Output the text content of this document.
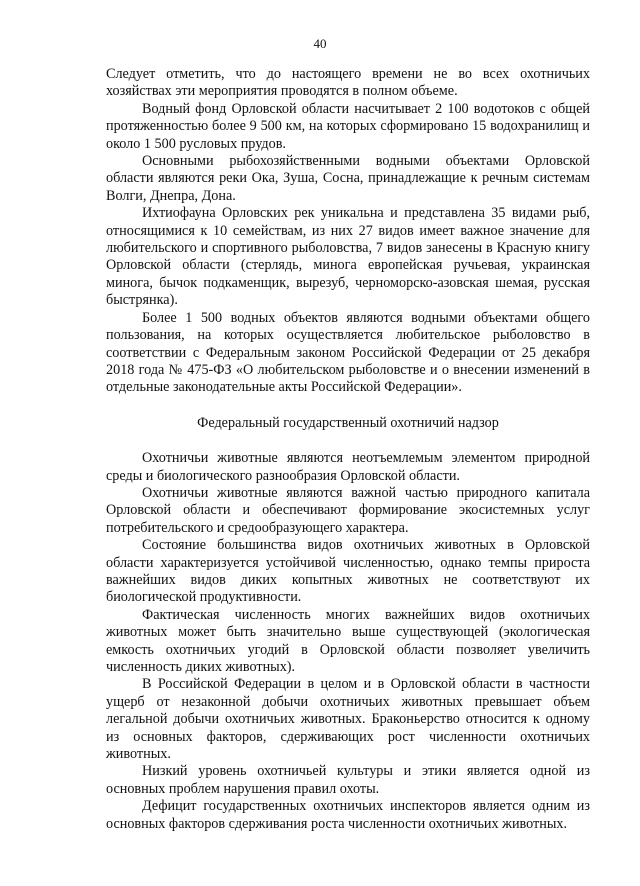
40

Следует отметить, что до настоящего времени не во всех охотничьих хозяйствах эти мероприятия проводятся в полном объеме.

Водный фонд Орловской области насчитывает 2 100 водотоков с общей протяженностью более 9 500 км, на которых сформировано 15 водохранилищ и около 1 500 русловых прудов.

Основными рыбохозяйственными водными объектами Орловской области являются реки Ока, Зуша, Сосна, принадлежащие к речным системам Волги, Днепра, Дона.

Ихтиофауна Орловских рек уникальна и представлена 35 видами рыб, относящимися к 10 семействам, из них 27 видов имеет важное значение для любительского и спортивного рыболовства, 7 видов занесены в Красную книгу Орловской области (стерлядь, минога европейская ручьевая, украинская минога, бычок подкаменщик, вырезуб, черноморско-азовская шемая, русская быстрянка).

Более 1 500 водных объектов являются водными объектами общего пользования, на которых осуществляется любительское рыболовство в соответствии с Федеральным законом Российской Федерации от 25 декабря 2018 года № 475-ФЗ «О любительском рыболовстве и о внесении изменений в отдельные законодательные акты Российской Федерации».

Федеральный государственный охотничий надзор

Охотничьи животные являются неотъемлемым элементом природной среды и биологического разнообразия Орловской области.

Охотничьи животные являются важной частью природного капитала Орловской области и обеспечивают формирование экосистемных услуг потребительского и средообразующего характера.

Состояние большинства видов охотничьих животных в Орловской области характеризуется устойчивой численностью, однако темпы прироста важнейших видов диких копытных животных не соответствуют их биологической продуктивности.

Фактическая численность многих важнейших видов охотничьих животных может быть значительно выше существующей (экологическая емкость охотничьих угодий в Орловской области позволяет увеличить численность диких животных).

В Российской Федерации в целом и в Орловской области в частности ущерб от незаконной добычи охотничьих животных превышает объем легальной добычи охотничьих животных. Браконьерство относится к одному из основных факторов, сдерживающих рост численности охотничьих животных.

Низкий уровень охотничьей культуры и этики является одной из основных проблем нарушения правил охоты.

Дефицит государственных охотничьих инспекторов является одним из основных факторов сдерживания роста численности охотничьих животных.
